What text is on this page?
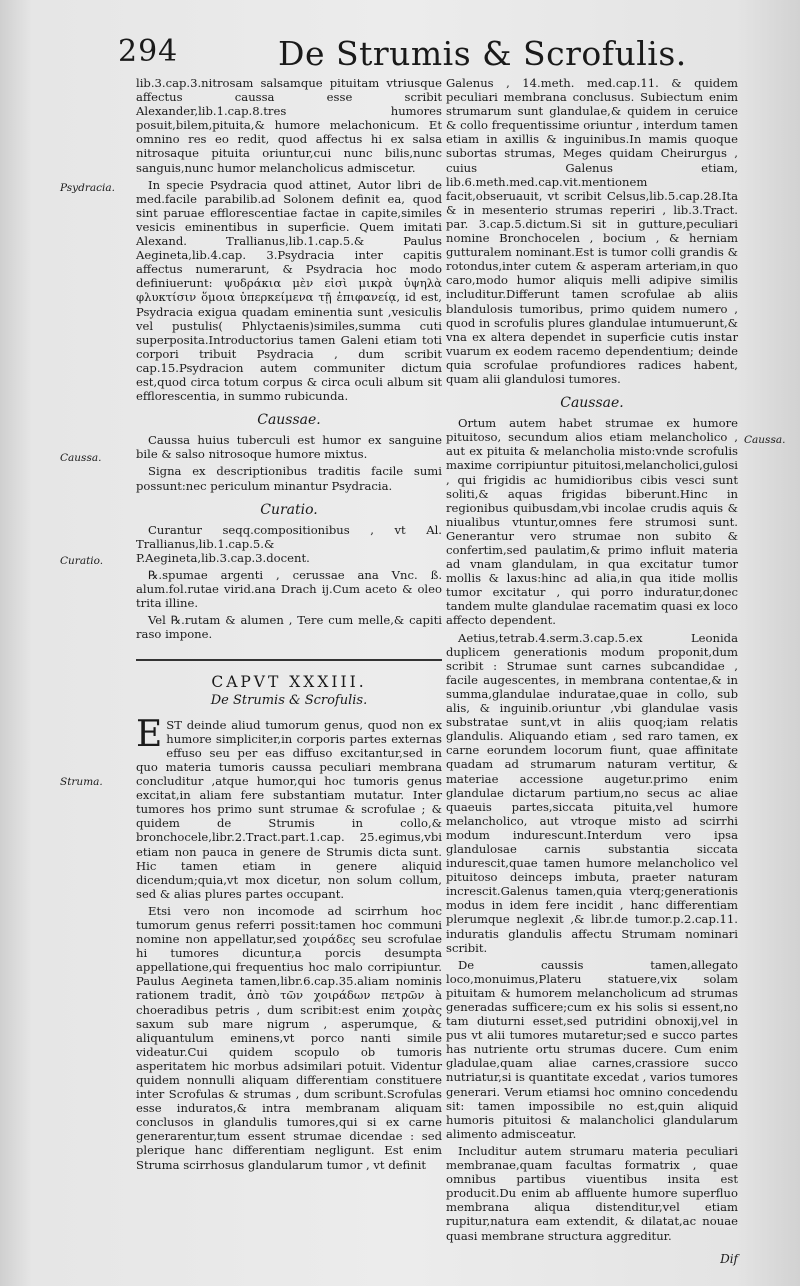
294	De Strumis & Scrofulis.
Psydracia.
Caussa.
Curatio.
Struma.
Caussa.

lib.3.cap.3.nitrosam salsamque pituitam vtriusque affectus caussa esse scribit Alexander,lib.1.cap.8.tres humores posuit,bilem,pituita,& humore melachonicum. Et omnino res eo redit, quod affectus hi ex salsa nitrosaque pituita oriuntur,cui nunc bilis,nunc sanguis,nunc humor melancholicus admiscetur.

In specie Psydracia quod attinet, Autor libri de med.facile parabilib.ad Solonem definit ea, quod sint paruae efflorescentiae factae in capite,similes vesicis eminentibus in superficie. Quem imitati Alexand. Trallianus,lib.1.cap.5.& Paulus Aegineta,lib.4.cap. 3.Psydracia inter capitis affectus numerarunt, & Psydracia hoc modo definiuerunt: ψυδράκια μὲν εἰσὶ μικρὰ ὑψηλὰ φλυκτίσιν ὅμοια ὑπερκείμενα τῇ ἐπιφανείᾳ, id est, Psydracia exigua quadam eminentia sunt ,vesiculis vel pustulis( Phlyctaenis)similes,summa cuti superposita.Introductorius tamen Galeni etiam toti corpori tribuit Psydracia , dum scribit cap.15.Psydracion autem communiter dictum est,quod circa totum corpus & circa oculi album sit efflorescentia, in summo rubicunda.

Caussae.

Caussa huius tuberculi est humor ex sanguine bile & salso nitrosoque humore mixtus.

Signa ex descriptionibus traditis facile sumi possunt:nec periculum minantur Psydracia.

Curatio.

Curantur seqq.compositionibus , vt Al. Trallianus,lib.1.cap.5.& P.Aegineta,lib.3.cap.3.docent.

℞.spumae argenti , cerussae ana Vnc. ß. alum.fol.rutae virid.ana Drach ij.Cum aceto & oleo trita illine.

Vel ℞.rutam & alumen , Tere cum melle,& capiti raso impone.

CAPVT XXXIII.
De Strumis & Scrofulis.

EST deinde aliud tumorum genus, quod non ex humore simpliciter,in corporis partes externas effuso seu per eas diffuso excitantur,sed in quo materia tumoris caussa peculiari membrana concluditur ,atque humor,qui hoc tumoris genus excitat,in aliam fere substantiam mutatur. Inter tumores hos primo sunt strumae & scrofulae ; & quidem de Strumis in collo,& bronchocele,libr.2.Tract.part.1.cap. 25.egimus,vbi etiam non pauca in genere de Strumis dicta sunt. Hic tamen etiam in genere aliquid dicendum;quia,vt mox dicetur, non solum collum, sed & alias plures partes occupant.

Etsi vero non incomode ad scirrhum hoc tumorum genus referri possit:tamen hoc communi nomine non appellatur,sed χοιράδες seu scrofulae hi tumores dicuntur,a porcis desumpta appellatione,qui frequentius hoc malo corripiuntur. Paulus Aegineta tamen,libr.6.cap.35.aliam nominis rationem tradit, ἀπὸ τῶν χοιράδων πετρῶν à choeradibus petris , dum scribit:est enim χοιρὰς saxum sub mare nigrum , asperumque, & aliquantulum eminens,vt porco nanti simile videatur.Cui quidem scopulo ob tumoris asperitatem hic morbus adsimilari potuit. Videntur quidem nonnulli aliquam differentiam constituere inter Scrofulas & strumas , dum scribunt.Scrofulas esse induratos,& intra membranam aliquam conclusos in glandulis tumores,qui si ex carne generarentur,tum essent strumae dicendae : sed plerique hanc differentiam negligunt. Est enim Struma scirrhosus glandularum tumor , vt definit

Galenus , 14.meth. med.cap.11. & quidem peculiari membrana conclusus. Subiectum enim strumarum sunt glandulae,& quidem in ceruice & collo frequentissime oriuntur , interdum tamen etiam in axillis & inguinibus.In mamis quoque subortas strumas, Meges quidam Cheirurgus , cuius Galenus etiam, lib.6.meth.med.cap.vit.mentionem facit,obseruauit, vt scribit Celsus,lib.5.cap.28.Ita & in mesenterio strumas reperiri , lib.3.Tract. par. 3.cap.5.dictum.Si sit in gutture,peculiari nomine Bronchocelen , bocium , & herniam gutturalem nominant.Est is tumor colli grandis & rotondus,inter cutem & asperam arteriam,in quo caro,modo humor aliquis melli adipive similis includitur.Differunt tamen scrofulae ab aliis blandulosis tumoribus, primo quidem numero , quod in scrofulis plures glandulae intumuerunt,& vna ex altera dependet in superficie cutis instar vuarum ex eodem racemo dependentium; deinde quia scrofulae profundiores radices habent, quam alii glandulosi tumores.

Caussae.

Ortum autem habet strumae ex humore pituitoso, secundum alios etiam melancholico , aut ex pituita & melancholia misto:vnde scrofulis maxime corripiuntur pituitosi,melancholici,gulosi , qui frigidis ac humidioribus cibis vesci sunt soliti,& aquas frigidas biberunt.Hinc in regionibus quibusdam,vbi incolae crudis aquis & niualibus vtuntur,omnes fere strumosi sunt. Generantur vero strumae non subito & confertim,sed paulatim,& primo influit materia ad vnam glandulam, in qua excitatur tumor mollis & laxus:hinc ad alia,in qua itide mollis tumor excitatur , qui porro induratur,donec tandem multe glandulae racematim quasi ex loco affecto dependent.

Aetius,tetrab.4.serm.3.cap.5.ex Leonida duplicem generationis modum proponit,dum scribit : Strumae sunt carnes subcandidae , facile augescentes, in membrana contentae,& in summa,glandulae induratae,quae in collo, sub alis, & inguinib.oriuntur ,vbi glandulae vasis substratae sunt,vt in aliis quoq;iam relatis glandulis. Aliquando etiam , sed raro tamen, ex carne eorundem locorum fiunt, quae affinitate quadam ad strumarum naturam vertitur, & materiae accessione augetur.primo enim glandulae dictarum partium,no secus ac aliae quaeuis partes,siccata pituita,vel humore melancholico, aut vtroque misto ad scirrhi modum indurescunt.Interdum vero ipsa glandulosae carnis substantia siccata indurescit,quae tamen humore melancholico vel pituitoso deinceps imbuta, praeter naturam increscit.Galenus tamen,quia vterq;generationis modus in idem fere incidit , hanc differentiam plerumque neglexit ,& libr.de tumor.p.2.cap.11. induratis glandulis affectu Strumam nominari scribit.

De caussis tamen,allegato loco,monuimus,Plateru statuere,vix solam pituitam & humorem melancholicum ad strumas generadas sufficere;cum ex his solis si essent,no tam diuturni esset,sed putridini obnoxij,vel in pus vt alii tumores mutaretur;sed e succo partes has nutriente ortu strumas ducere. Cum enim gladulae,quam aliae carnes,crassiore succo nutriatur,si is quantitate excedat , varios tumores generari. Verum etiamsi hoc omnino concedendu sit: tamen impossibile no est,quin aliquid humoris pituitosi & malancholici glandularum alimento admisceatur.

Includitur autem strumaru materia peculiari membranae,quam facultas formatrix , quae omnibus partibus viuentibus insita est producit.Du enim ab affluente humore superfluo membrana aliqua distenditur,vel etiam rupitur,natura eam extendit, & dilatat,ac nouae quasi membrane structura aggreditur.

Dif
